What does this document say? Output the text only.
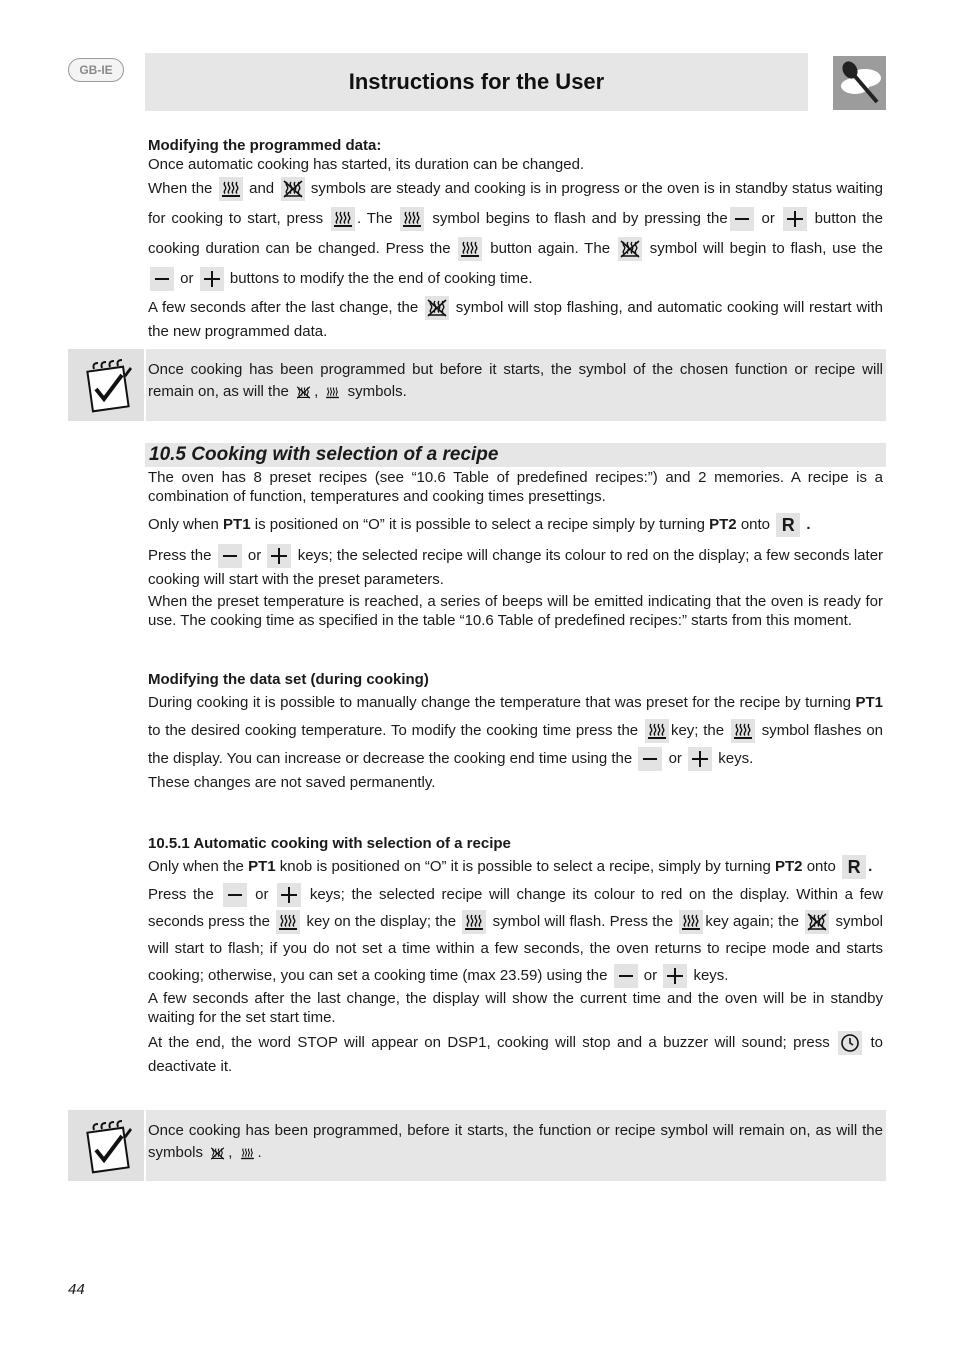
GB-IE	Instructions for the User

Modifying the programmed data:

Once automatic cooking has started, its duration can be changed.

When the and symbols are steady and cooking is in progress or the oven is in standby status waiting for cooking to start, press . The	symbol begins to flash and by pressing the or	button the cooking duration can be changed. Press the	button again. The	symbol will begin to flash, use the
or buttons to modify the the end of cooking time.

A few seconds after the last change, the	symbol will stop flashing, and automatic cooking will restart with the new programmed data.

Once cooking has been programmed but before it starts, the symbol of the chosen function or recipe will remain on, as will the , symbols.

10.5 Cooking with selection of a recipe

The oven has 8 preset recipes (see “10.6 Table of predefined recipes:”) and 2 memories. A recipe is a combination of function, temperatures and cooking times presettings.

Only when PT1 is positioned on “O” it is possible to select a recipe simply by turning PT2 onto R .

Press the or keys; the selected recipe will change its colour to red on the display; a few seconds later cooking will start with the preset parameters.

When the preset temperature is reached, a series of beeps will be emitted indicating that the oven is ready for use. The cooking time as specified in the table “10.6 Table of predefined recipes:” starts from this moment.

Modifying the data set (during cooking)

During cooking it is possible to manually change the temperature that was preset for the recipe by turning PT1 to the desired cooking temperature. To modify the cooking time press the key; the	symbol flashes on the display. You can increase or decrease the cooking end time using the or keys.

These changes are not saved permanently.

10.5.1 Automatic cooking with selection of a recipe

Only when the PT1 knob is positioned on “O” it is possible to select a recipe, simply by turning PT2 onto R .

Press the	or	keys; the selected recipe will change its colour to red on the display. Within a few seconds press the key on the display; the symbol will flash. Press the key again; the symbol will start to flash; if you do not set a time within a few seconds, the oven returns to recipe mode and starts cooking; otherwise, you can set a cooking time (max 23.59) using the or keys.

A few seconds after the last change, the display will show the current time and the oven will be in standby waiting for the set start time.

At the end, the word STOP will appear on DSP1, cooking will stop and a buzzer will sound; press	to deactivate it.

Once cooking has been programmed, before it starts, the function or recipe symbol will remain on, as will the symbols , .

44
